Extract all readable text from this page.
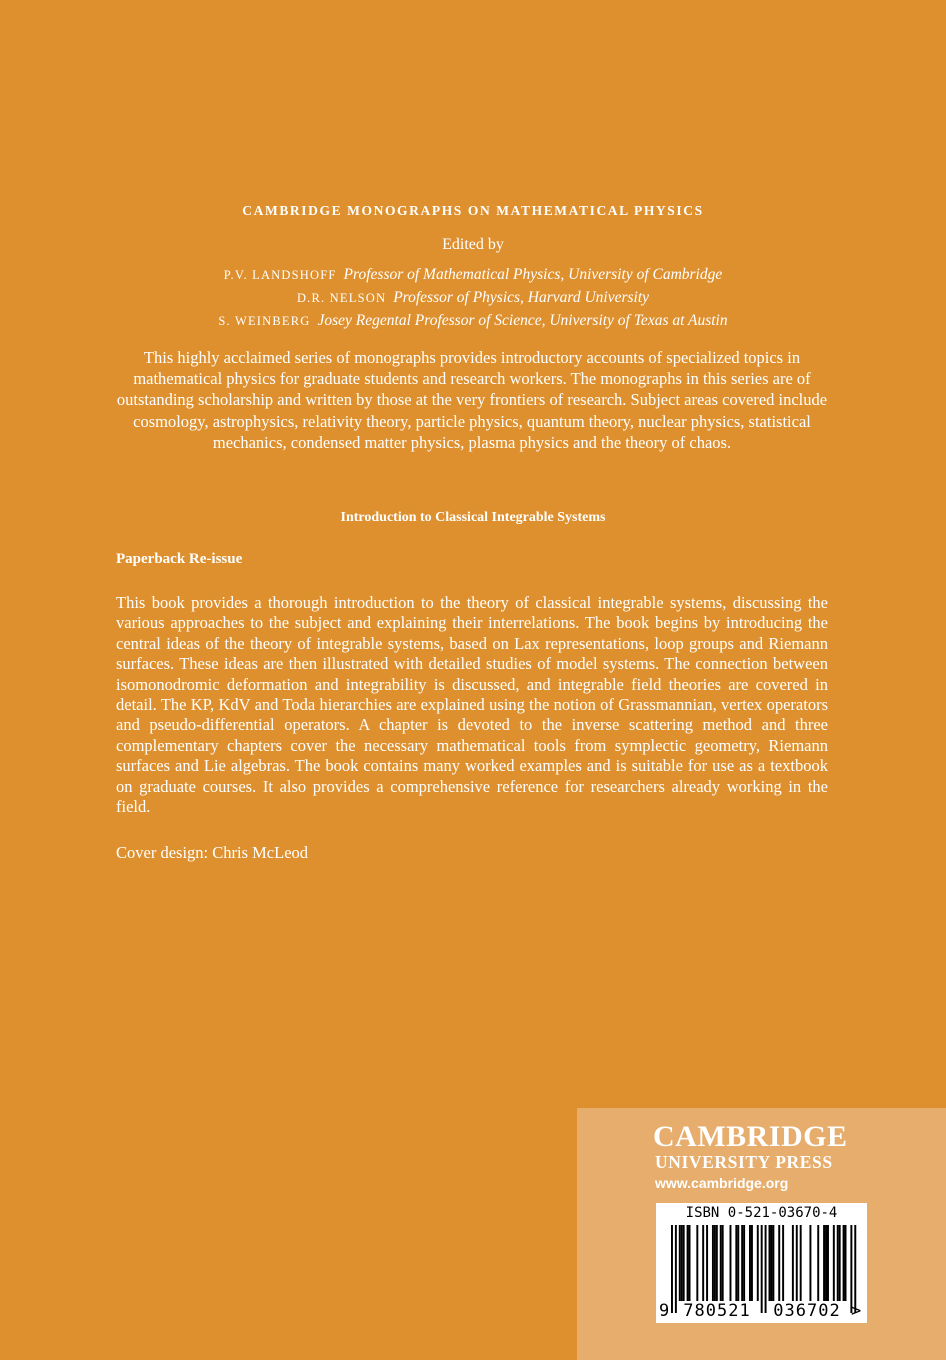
CAMBRIDGE MONOGRAPHS ON MATHEMATICAL PHYSICS
Edited by
P.V. LANDSHOFF Professor of Mathematical Physics, University of Cambridge
D.R. NELSON Professor of Physics, Harvard University
S. WEINBERG Josey Regental Professor of Science, University of Texas at Austin

This highly acclaimed series of monographs provides introductory accounts of specialized topics in mathematical physics for graduate students and research workers. The monographs in this series are of outstanding scholarship and written by those at the very frontiers of research. Subject areas covered include cosmology, astrophysics, relativity theory, particle physics, quantum theory, nuclear physics, statistical mechanics, condensed matter physics, plasma physics and the theory of chaos.

Introduction to Classical Integrable Systems
Paperback Re-issue

This book provides a thorough introduction to the theory of classical integrable systems, discussing the various approaches to the subject and explaining their interrelations. The book begins by introducing the central ideas of the theory of integrable systems, based on Lax representations, loop groups and Riemann surfaces. These ideas are then illustrated with detailed studies of model systems. The connection between isomonodromic deformation and integrability is discussed, and integrable field theories are covered in detail. The KP, KdV and Toda hierarchies are explained using the notion of Grassmannian, vertex operators and pseudo-differential operators. A chapter is devoted to the inverse scattering method and three complementary chapters cover the necessary mathematical tools from symplectic geometry, Riemann surfaces and Lie algebras. The book contains many worked examples and is suitable for use as a textbook on graduate courses. It also provides a comprehensive reference for researchers already working in the field.

Cover design: Chris McLeod
CAMBRIDGE
UNIVERSITY PRESS
www.cambridge.org
ISBN 0-521-03670-4
9 780521 036702 >
